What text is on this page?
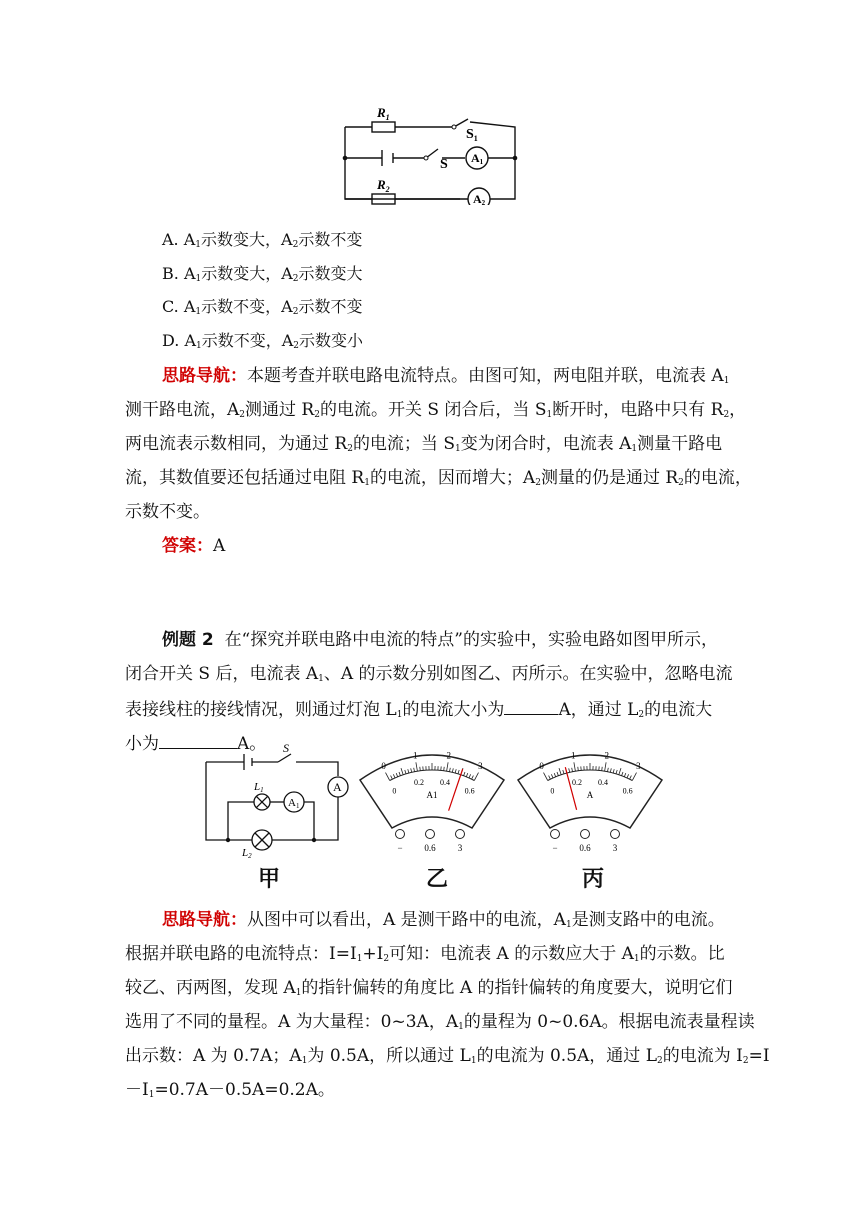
$R_1$
$S_1$
S A1
$R_2$
A2
A. $A_1$示数变大，$A_2$示数不变
B. $A_1$示数变大，$A_2$示数变大
C. $A_1$示数不变，$A_2$示数不变
D. $A_1$示数不变，$A_2$示数变小
思路导航：本题考查并联电路电流特点。由图可知，两电阻并联，电流表 $A_1$
测干路电流，$A_2$测通过 $R_2$的电流。开关 S 闭合后，当 $S_1$断开时，电路中只有 $R_2$，
两电流表示数相同，为通过 $R_2$的电流；当 $S_1$变为闭合时，电流表 $A_1$测量干路电
流，其数值要还包括通过电阻 $R_1$的电流，因而增大；$A_2$测量的仍是通过 $R_2$的电流，
示数不变。
答案：A
例题 2 在“探究并联电路中电流的特点”的实验中，实验电路如图甲所示，
闭合开关 S 后，电流表 $A_1$、A 的示数分别如图乙、丙所示。在实验中，忽略电流
表接线柱的接线情况，则通过灯泡 $L_1$的电流大小为	A，通过 $L_2$的电流大
小为	A。 S
L1
L2
A1
A
0
1	2
3
0
0.2 0.4
0.6
A1
0
1	2
3
0
0.2 0.4
0.6
A
甲	乙	丙
思路导航：从图中可以看出，A 是测干路中的电流，$A_1$是测支路中的电流。
根据并联电路的电流特点：$I=I_1+I_2$可知：电流表 A 的示数应大于 $A_1$的示数。比
较乙、丙两图，发现 $A_1$的指针偏转的角度比 A 的指针偏转的角度要大，说明它们
选用了不同的量程。A 为大量程：0~3A，$A_1$的量程为 0~0.6A。根据电流表量程读
出示数：A 为 0.7A；$A_1$为 0.5A，所以通过 $L_1$的电流为 0.5A，通过 $L_2$的电流为 $I_2=I$
$-I_1=0.7A-0.5A=0.2A$。
− 0.6 3	− 0.6 3
